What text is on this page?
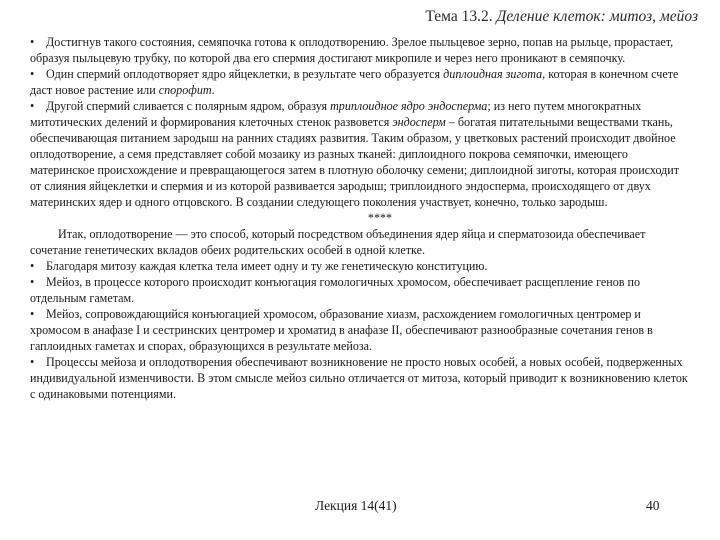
Тема 13.2. Деление клеток: митоз, мейоз

• Достигнув такого состояния, семяпочка готова к оплодотворению. Зрелое пыльцевое зерно, попав на рыльце, прорастает, образуя пыльцевую трубку, по которой два его спермия достигают микропиле и через него проникают в семяпочку.

• Один спермий оплодотворяет ядро яйцеклетки, в результате чего образуется диплоидная зигота, которая в конечном счете даст новое растение или спорофит.

• Другой спермий сливается с полярным ядром, образуя триплоидное ядро эндосперма; из него путем многократных митотических делений и формирования клеточных стенок развовется эндосперм – богатая питательными веществами ткань, обеспечивающая питанием зародыш на ранних стадиях развития. Таким образом, у цветковых растений происходит двойное оплодотворение, а семя представляет собой мозаику из разных тканей: диплоидного покрова семяпочки, имеющего материнское происхождение и превращающегося затем в плотную оболочку семени; диплоидной зиготы, которая происходит от слияния яйцеклетки и спермия и из которой развивается зародыш; триплоидного эндосперма, происходящего от двух материнских ядер и одного отцовского. В создании следующего поколения участвует, конечно, только зародыш.

****

Итак, оплодотворение — это способ, который посредством объединения ядер яйца и сперматозоида обеспечивает сочетание генетических вкладов обеих родительских особей в одной клетке.

• Благодаря митозу каждая клетка тела имеет одну и ту же генетическую конституцию.

• Мейоз, в процессе которого происходит конъюгация гомологичных хромосом, обеспечивает расщепление генов по отдельным гаметам.

• Мейоз, сопровождающийся конъюгацией хромосом, образование хиазм, расхождением гомологичных центромер и хромосом в анафазе I и сестринских центромер и хроматид в анафазе II, обеспечивают разнообразные сочетания генов в гаплоидных гаметах и спорах, образующихся в результате мейоза.

• Процессы мейоза и оплодотворения обеспечивают возникновение не просто новых особей, а новых особей, подверженных индивидуальной изменчивости. В этом смысле мейоз сильно отличается от митоза, который приводит к возникновению клеток с одинаковыми потенциями.

Лекция 14(41)	40
